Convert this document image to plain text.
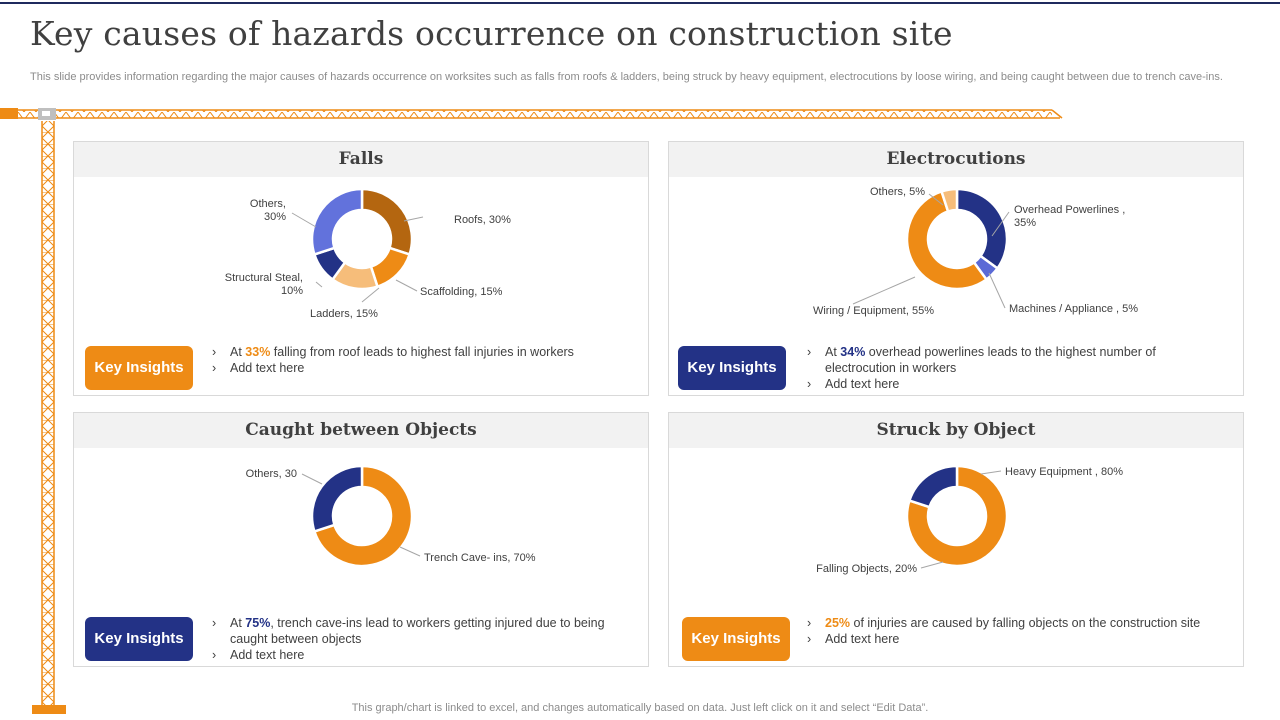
Key causes of hazards occurrence on construction site

This slide provides information regarding the major causes of hazards occurrence on worksites such as falls from roofs & ladders, being struck by heavy equipment, electrocutions by loose wiring, and being caught between due to trench cave-ins.

Falls
Roofs, 30%
Scaffolding, 15%
Ladders, 15%
Structural Steal, 10%
Others, 30%
Key Insights
› At 33% falling from roof leads to highest fall injuries in workers
› Add text here
Electrocutions
Overhead Powerlines , 35%
Machines / Appliance , 5%
Wiring / Equipment, 55%
Others, 5%
Key Insights
› At 34% overhead powerlines leads to the highest number of electrocution in workers
› Add text here
Caught between Objects
Trench Cave- ins, 70%
Others, 30
Key Insights
› At 75%, trench cave-ins lead to workers getting injured due to being caught between objects
› Add text here
Struck by Object
Heavy Equipment , 80%
Falling Objects, 20%
Key Insights
› 25% of injuries are caused by falling objects on the construction site
› Add text here
This graph/chart is linked to excel, and changes automatically based on data. Just left click on it and select “Edit Data”.
